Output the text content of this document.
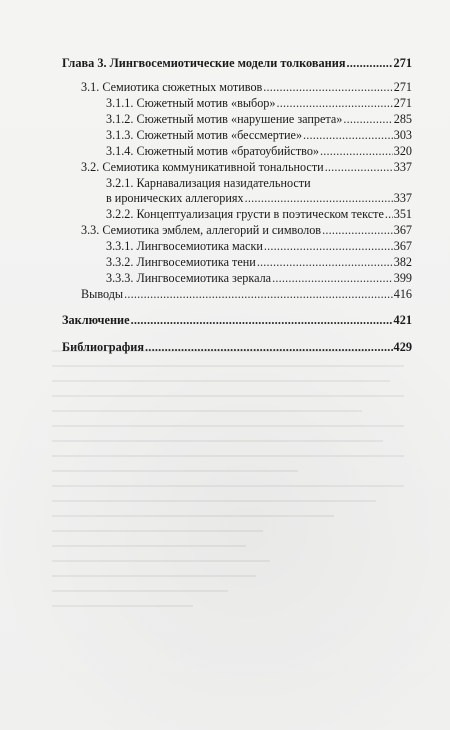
Глава 3. Лингвосемиотические модели толкования .....	271
3.1. Семиотика сюжетных мотивов .....	271
3.1.1. Сюжетный мотив «выбор» .....	271
3.1.2. Сюжетный мотив «нарушение запрета» .....	285
3.1.3. Сюжетный мотив «бессмертие» .....	303
3.1.4. Сюжетный мотив «братоубийство» .....	320
3.2. Семиотика коммуникативной тональности .....	337
3.2.1. Карнавализация назидательности
в иронических аллегориях .....	337
3.2.2. Концептуализация грусти в поэтическом тексте ..... 351
3.3. Семиотика эмблем, аллегорий и символов .....	367
3.3.1. Лингвосемиотика маски .....	367
3.3.2. Лингвосемиотика тени .....	382
3.3.3. Лингвосемиотика зеркала .....	399
Выводы .....	416
Заключение .....	421
Библиография .....	429
